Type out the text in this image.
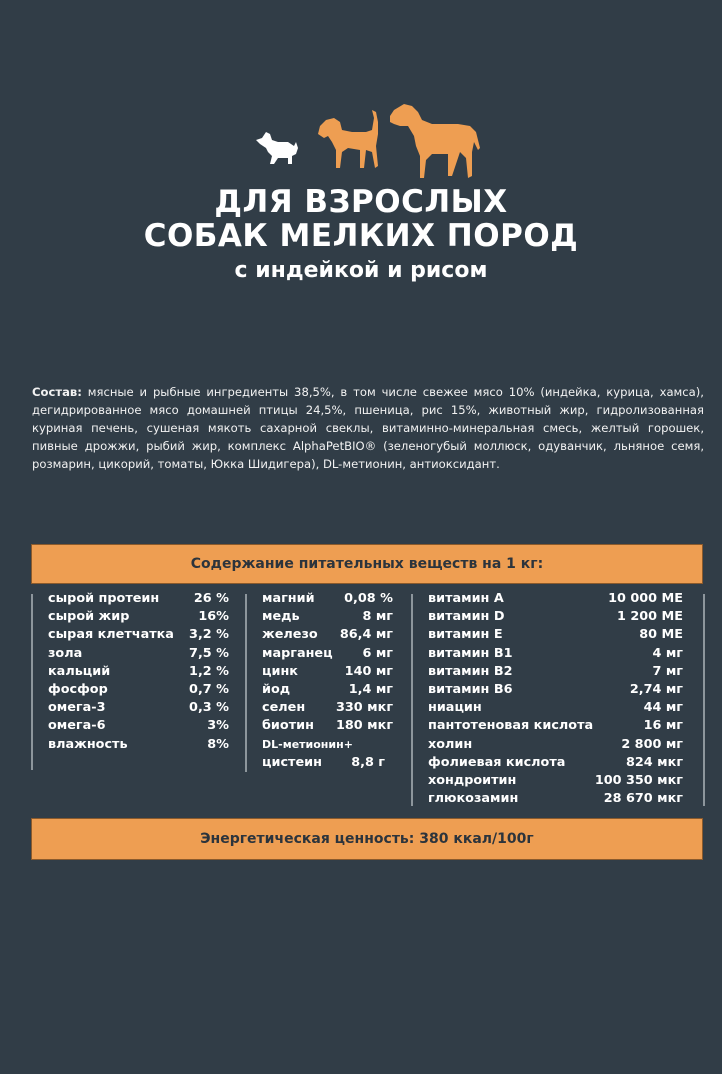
ДЛЯ ВЗРОСЛЫХ
СОБАК МЕЛКИХ ПОРОД
с индейкой и рисом
Состав: мясные и рыбные ингредиенты 38,5%, в том числе свежее мясо 10% (индейка, курица, хамса), дегидрированное мясо домашней птицы 24,5%, пшеница, рис 15%, животный жир, гидролизованная куриная печень, сушеная мякоть сахарной свеклы, витаминно-минеральная смесь, желтый горошек, пивные дрожжи, рыбий жир, комплекс AlphaPetBIO® (зеленогубый моллюск, одуванчик, льняное семя, розмарин, цикорий, томаты, Юкка Шидигера), DL-метионин, антиоксидант.
Содержание питательных веществ на 1 кг:
сырой протеин	26 %
сырой жир	16%
сырая клетчатка 3,2 %
зола	7,5 %
кальций	1,2 %
фосфор	0,7 %
омега-3	0,3 %
омега-6	3%
влажность	8%
магний 0,08 %
медь	8 мг
железо 86,4 мг
марганец 6 мг
цинк	140 мг
йод	1,4 мг
селен 330 мкг
биотин 180 мкг
DL-метионин+
цистеин 8,8 г
витамин A	10 000 МЕ
витамин D	1 200 МЕ
витамин E	80 МЕ
витамин B1	4 мг
витамин B2	7 мг
витамин B6	2,74 мг
ниацин	44 мг
пантотеновая кислота	16 мг
холин	2 800 мг
фолиевая кислота	824 мкг
хондроитин	100 350 мкг
глюкозамин	28 670 мкг
Энергетическая ценность: 380 ккал/100г
